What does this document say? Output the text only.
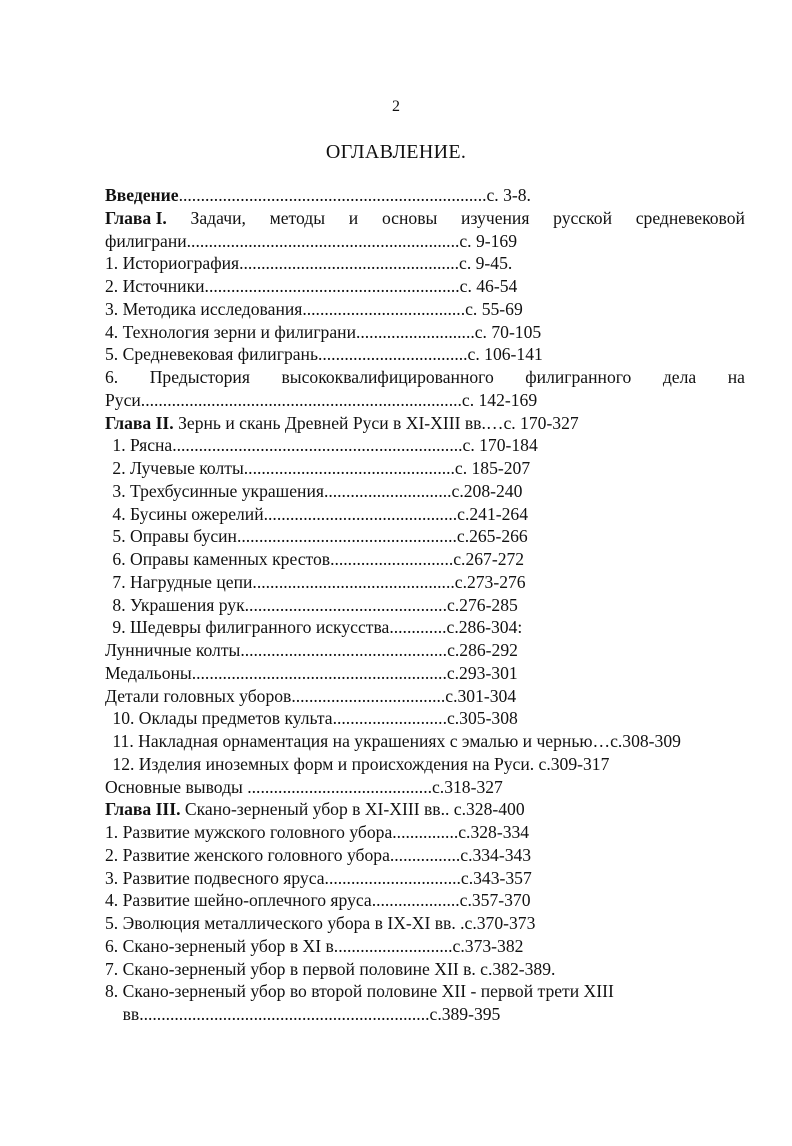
2
ОГЛАВЛЕНИЕ.
Введение......................................................................с. 3-8.
Глава I. Задачи, методы и основы изучения русской средневековой
филиграни..............................................................с. 9-169
1. Историография..................................................с. 9-45.
2. Источники..........................................................с. 46-54
3. Методика исследования.....................................с. 55-69
4. Технология зерни и филиграни...........................с. 70-105
5. Средневековая филигрань..................................с. 106-141
6. Предыстория высококвалифицированного филигранного дела на
Руси.........................................................................с. 142-169
Глава II. Зернь и скань Древней Руси в XI-XIII вв.…с. 170-327
1. Рясна..................................................................с. 170-184
2. Лучевые колты................................................с. 185-207
3. Трехбусинные украшения.............................с.208-240
4. Бусины ожерелий............................................с.241-264
5. Оправы бусин..................................................с.265-266
6. Оправы каменных крестов............................с.267-272
7. Нагрудные цепи..............................................с.273-276
8. Украшения рук..............................................с.276-285
9. Шедевры филигранного искусства.............с.286-304:
Лунничные колты...............................................с.286-292
Медальоны..........................................................с.293-301
Детали головных уборов...................................с.301-304
10. Оклады предметов культа..........................с.305-308
11. Накладная орнаментация на украшениях с эмалью и чернью…с.308-309
12. Изделия иноземных форм и происхождения на Руси. с.309-317
Основные выводы ..........................................с.318-327
Глава III. Скано-зерненый убор в XI-XIII вв.. с.328-400
1. Развитие мужского головного убора...............с.328-334
2. Развитие женского головного убора................с.334-343
3. Развитие подвесного яруса...............................с.343-357
4. Развитие шейно-оплечного яруса....................с.357-370
5. Эволюция металлического убора в IX-XI вв. .с.370-373
6. Скано-зерненый убор в XI в...........................с.373-382
7. Скано-зерненый убор в первой половине XII в. с.382-389.
8. Скано-зерненый убор во второй половине XII - первой трети XIII
вв..................................................................с.389-395
